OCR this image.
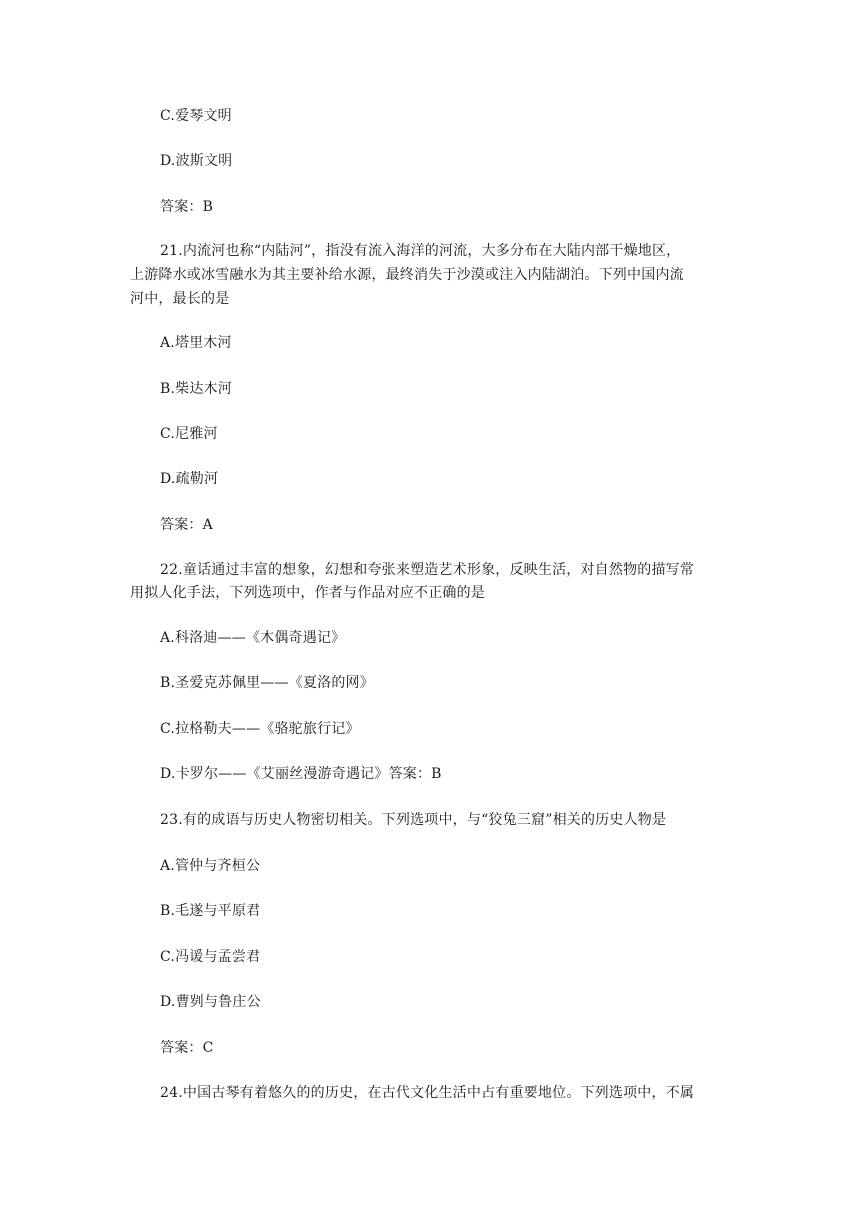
C.爱琴文明
D.波斯文明
答案：B
21.内流河也称“内陆河”，指没有流入海洋的河流，大多分布在大陆内部干燥地区，
上游降水或冰雪融水为其主要补给水源，最终消失于沙漠或注入内陆湖泊。下列中国内流
河中，最长的是
A.塔里木河
B.柴达木河
C.尼雅河
D.疏勒河
答案：A
22.童话通过丰富的想象，幻想和夸张来塑造艺术形象，反映生活，对自然物的描写常
用拟人化手法，下列选项中，作者与作品对应不正确的是
A.科洛迪——《木偶奇遇记》
B.圣爱克苏佩里——《夏洛的网》
C.拉格勒夫——《骆驼旅行记》
D.卡罗尔——《艾丽丝漫游奇遇记》答案：B
23.有的成语与历史人物密切相关。下列选项中，与“狡兔三窟”相关的历史人物是
A.管仲与齐桓公
B.毛遂与平原君
C.冯谖与孟尝君
D.曹刿与鲁庄公
答案：C
24.中国古琴有着悠久的的历史，在古代文化生活中占有重要地位。下列选项中，不属
